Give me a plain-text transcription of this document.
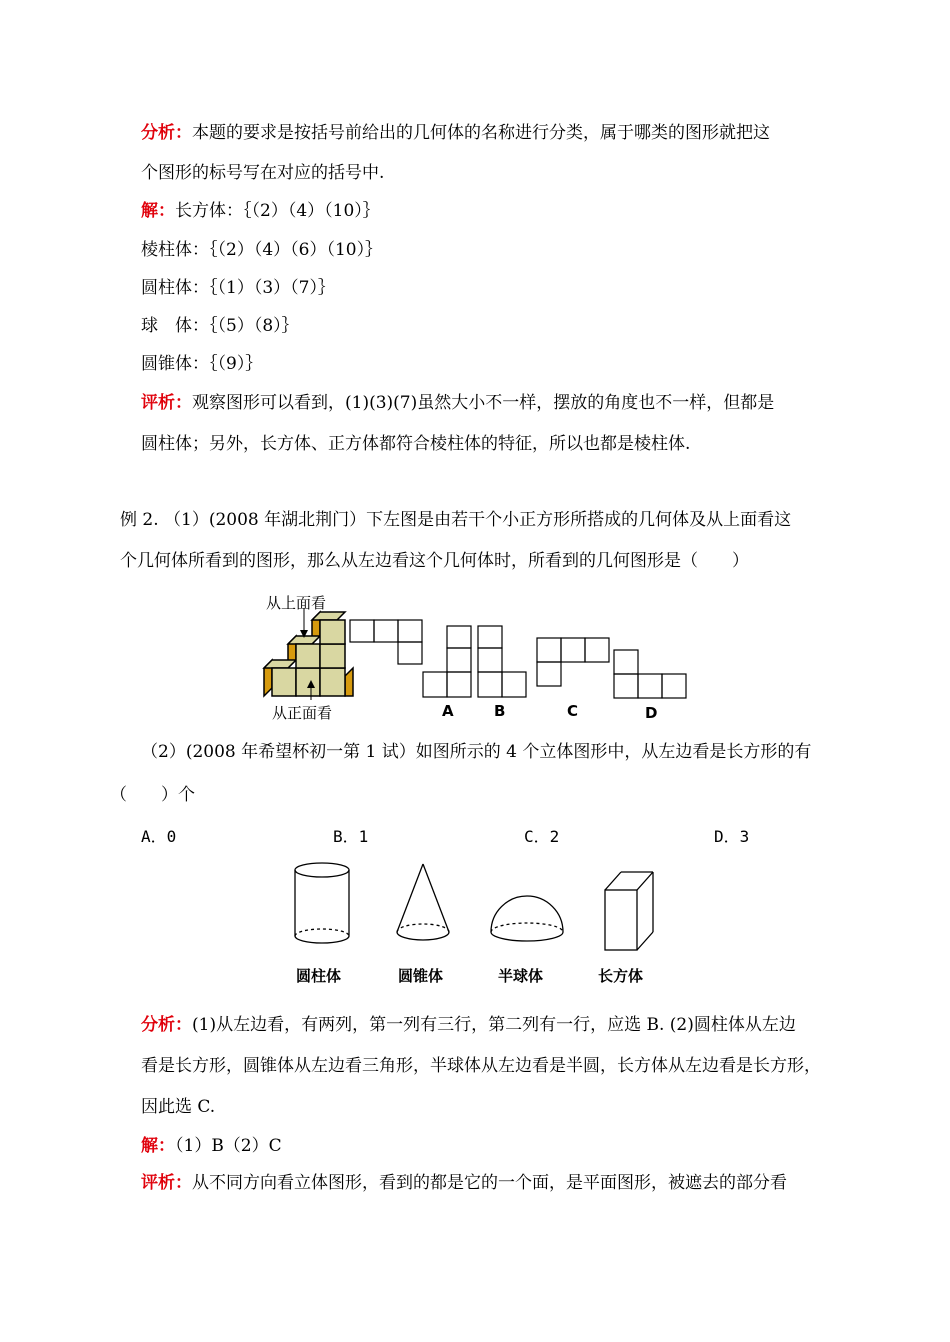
分析：本题的要求是按括号前给出的几何体的名称进行分类，属于哪类的图形就把这
个图形的标号写在对应的括号中.
解：长方体：｛（2）（4）（10）｝
棱柱体：｛（2）（4）（6）（10）｝
圆柱体：｛（1）（3）（7）｝
球　体：｛（5）（8）｝
圆锥体：｛（9）｝
评析：观察图形可以看到，(1)(3)(7)虽然大小不一样，摆放的角度也不一样，但都是
圆柱体；另外，长方体、正方体都符合棱柱体的特征，所以也都是棱柱体.
例 2. （1）(2008 年湖北荆门）下左图是由若干个小正方形所搭成的几何体及从上面看这
个几何体所看到的图形，那么从左边看这个几何体时，所看到的几何图形是（　　）
从上面看
从正面看	A	B	C	D
（2）(2008 年希望杯初一第 1 试）如图所示的 4 个立体图形中，从左边看是长方形的有
（　　）个
A．0	B．1	C．2	D．3
圆柱体	圆锥体	半球体	长方体
分析：(1)从左边看，有两列，第一列有三行，第二列有一行，应选 B. (2)圆柱体从左边
看是长方形，圆锥体从左边看三角形，半球体从左边看是半圆，长方体从左边看是长方形，
因此选 C.
解：（1）B（2）C
评析：从不同方向看立体图形，看到的都是它的一个面，是平面图形，被遮去的部分看
